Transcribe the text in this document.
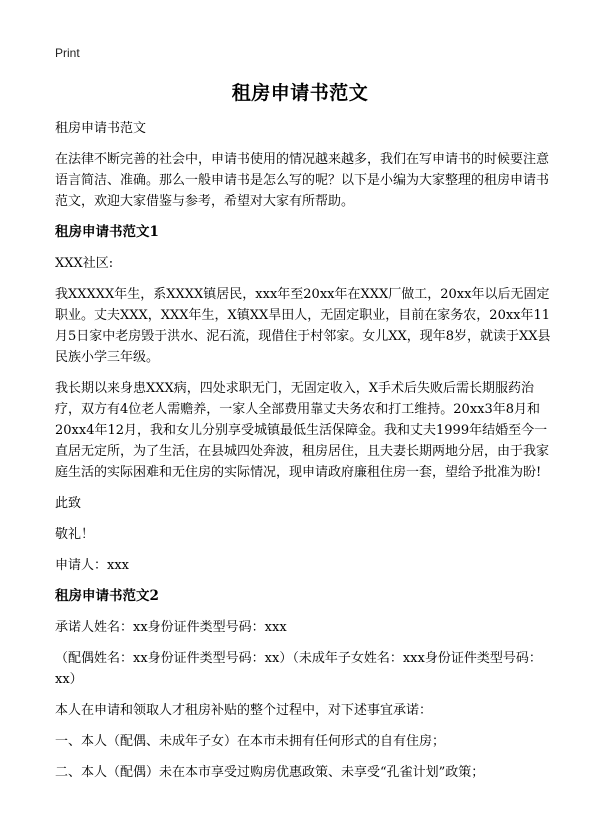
Print
租房申请书范文

租房申请书范文

在法律不断完善的社会中，申请书使用的情况越来越多，我们在写申请书的时候要注意语言简洁、准确。那么一般申请书是怎么写的呢？以下是小编为大家整理的租房申请书范文，欢迎大家借鉴与参考，希望对大家有所帮助。

租房申请书范文1

XXX社区:

我XXXXX年生，系XXXX镇居民，xxx年至20xx年在XXX厂做工，20xx年以后无固定职业。丈夫XXX，XXX年生，X镇XX旱田人，无固定职业，目前在家务农，20xx年11月5日家中老房毁于洪水、泥石流，现借住于村邻家。女儿XX，现年8岁，就读于XX县民族小学三年级。

我长期以来身患XXX病，四处求职无门，无固定收入，X手术后失败后需长期服药治疗，双方有4位老人需赡养，一家人全部费用靠丈夫务农和打工维持。20xx3年8月和20xx4年12月，我和女儿分别享受城镇最低生活保障金。我和丈夫1999年结婚至今一直居无定所，为了生活，在县城四处奔波，租房居住，且夫妻长期两地分居，由于我家庭生活的实际困难和无住房的实际情况，现申请政府廉租住房一套，望给予批准为盼!

此致

敬礼！

申请人：xxx

租房申请书范文2

承诺人姓名：xx身份证件类型号码：xxx

（配偶姓名：xx身份证件类型号码：xx）（未成年子女姓名：xxx身份证件类型号码：xx）

本人在申请和领取人才租房补贴的整个过程中，对下述事宜承诺：

一、本人（配偶、未成年子女）在本市未拥有任何形式的自有住房；

二、本人（配偶）未在本市享受过购房优惠政策、未享受“孔雀计划”政策；
